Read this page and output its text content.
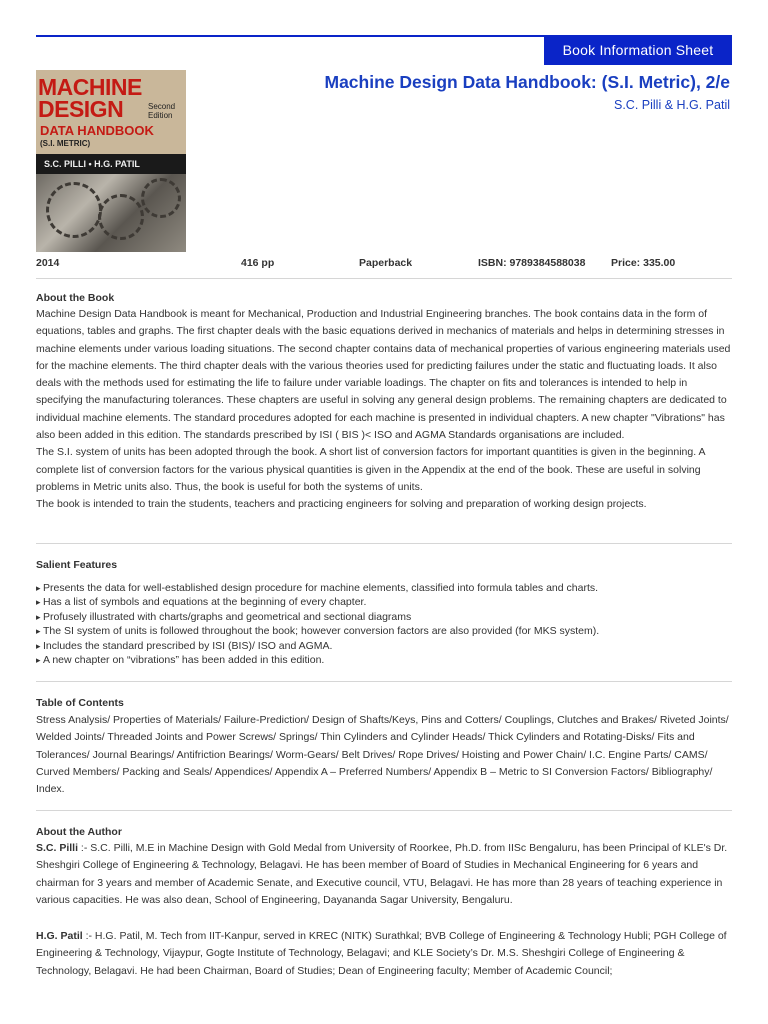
Book Information Sheet
MACHINE
DESIGN	Second Edition
DATA HANDBOOK
(S.I. METRIC)
S.C. PILLI • H.G. PATIL
Machine Design Data Handbook: (S.I. Metric), 2/e
S.C. Pilli & H.G. Patil
2014	416 pp	Paperback	ISBN: 9789384588038 Price: 335.00
About the Book

Machine Design Data Handbook is meant for Mechanical, Production and Industrial Engineering branches. The book contains data in the form of equations, tables and graphs. The first chapter deals with the basic equations derived in mechanics of materials and helps in determining stresses in machine elements under various loading situations. The second chapter contains data of mechanical properties of various engineering materials used for the machine elements. The third chapter deals with the various theories used for predicting failures under the static and fluctuating loads. It also deals with the methods used for estimating the life to failure under variable loadings. The chapter on fits and tolerances is intended to help in specifying the manufacturing tolerances. These chapters are useful in solving any general design problems. The remaining chapters are dedicated to individual machine elements. The standard procedures adopted for each machine is presented in individual chapters. A new chapter "Vibrations" has also been added in this edition. The standards prescribed by ISI ( BIS )< ISO and AGMA Standards organisations are included.

The S.I. system of units has been adopted through the book. A short list of conversion factors for important quantities is given in the beginning. A complete list of conversion factors for the various physical quantities is given in the Appendix at the end of the book. These are useful in solving problems in Metric units also. Thus, the book is useful for both the systems of units.

The book is intended to train the students, teachers and practicing engineers for solving and preparation of working design projects.

Salient Features
▸ Presents the data for well-established design procedure for machine elements, classified into formula tables and charts.
▸ Has a list of symbols and equations at the beginning of every chapter.
▸ Profusely illustrated with charts/graphs and geometrical and sectional diagrams
▸ The SI system of units is followed throughout the book; however conversion factors are also provided (for MKS system).
▸ Includes the standard prescribed by ISI (BIS)/ ISO and AGMA.
▸ A new chapter on “vibrations” has been added in this edition.
Table of Contents
Stress Analysis/ Properties of Materials/ Failure-Prediction/ Design of Shafts/Keys, Pins and Cotters/ Couplings, Clutches and Brakes/ Riveted Joints/ Welded Joints/ Threaded Joints and Power Screws/ Springs/ Thin Cylinders and Cylinder Heads/ Thick Cylinders and Rotating-Disks/ Fits and Tolerances/ Journal Bearings/ Antifriction Bearings/ Worm-Gears/ Belt Drives/ Rope Drives/ Hoisting and Power Chain/ I.C. Engine Parts/ CAMS/ Curved Members/ Packing and Seals/ Appendices/ Appendix A – Preferred Numbers/ Appendix B – Metric to SI Conversion Factors/ Bibliography/ Index.
About the Author
S.C. Pilli :- S.C. Pilli, M.E in Machine Design with Gold Medal from University of Roorkee, Ph.D. from IISc Bengaluru, has been Principal of KLE's Dr. Sheshgiri College of Engineering & Technology, Belagavi. He has been member of Board of Studies in Mechanical Engineering for 6 years and chairman for 3 years and member of Academic Senate, and Executive council, VTU, Belagavi. He has more than 28 years of teaching experience in various capacities. He was also dean, School of Engineering, Dayananda Sagar University, Bengaluru.
H.G. Patil :- H.G. Patil, M. Tech from IIT-Kanpur, served in KREC (NITK) Surathkal; BVB College of Engineering & Technology Hubli; PGH College of Engineering & Technology, Vijaypur, Gogte Institute of Technology, Belagavi; and KLE Society’s Dr. M.S. Sheshgiri College of Engineering & Technology, Belagavi. He had been Chairman, Board of Studies; Dean of Engineering faculty; Member of Academic Council;
